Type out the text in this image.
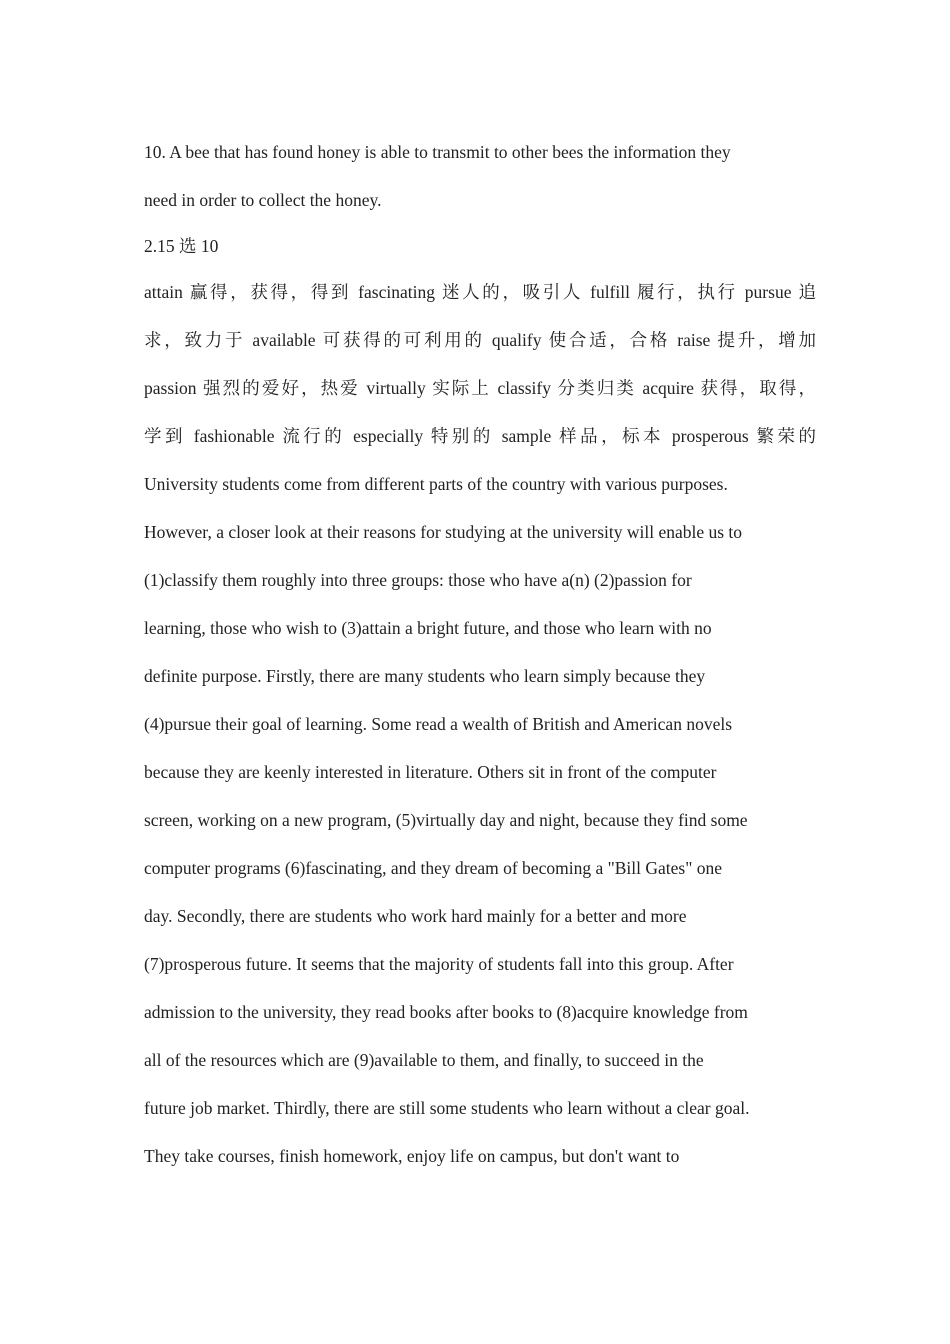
10. A bee that has found honey is able to transmit to other bees the information they
need in order to collect the honey.
2.15 选 10
attain 赢得，获得，得到 fascinating 迷人的，吸引人 fulfill 履行，执行 pursue 追
求，致力于 available 可获得的可利用的 qualify 使合适，合格 raise 提升，增加
passion 强烈的爱好，热爱 virtually 实际上 classify 分类归类 acquire 获得，取得，
学到 fashionable 流行的 especially 特别的 sample 样品，标本 prosperous 繁荣的
University students come from different parts of the country with various purposes.
However, a closer look at their reasons for studying at the university will enable us to
(1)classify them roughly into three groups: those who have a(n) (2)passion for
learning, those who wish to (3)attain a bright future, and those who learn with no
definite purpose. Firstly, there are many students who learn simply because they
(4)pursue their goal of learning. Some read a wealth of British and American novels
because they are keenly interested in literature. Others sit in front of the computer
screen, working on a new program, (5)virtually day and night, because they find some
computer programs (6)fascinating, and they dream of becoming a "Bill Gates" one
day. Secondly, there are students who work hard mainly for a better and more
(7)prosperous future. It seems that the majority of students fall into this group. After
admission to the university, they read books after books to (8)acquire knowledge from
all of the resources which are (9)available to them, and finally, to succeed in the
future job market. Thirdly, there are still some students who learn without a clear goal.
They take courses, finish homework, enjoy life on campus, but don't want to
